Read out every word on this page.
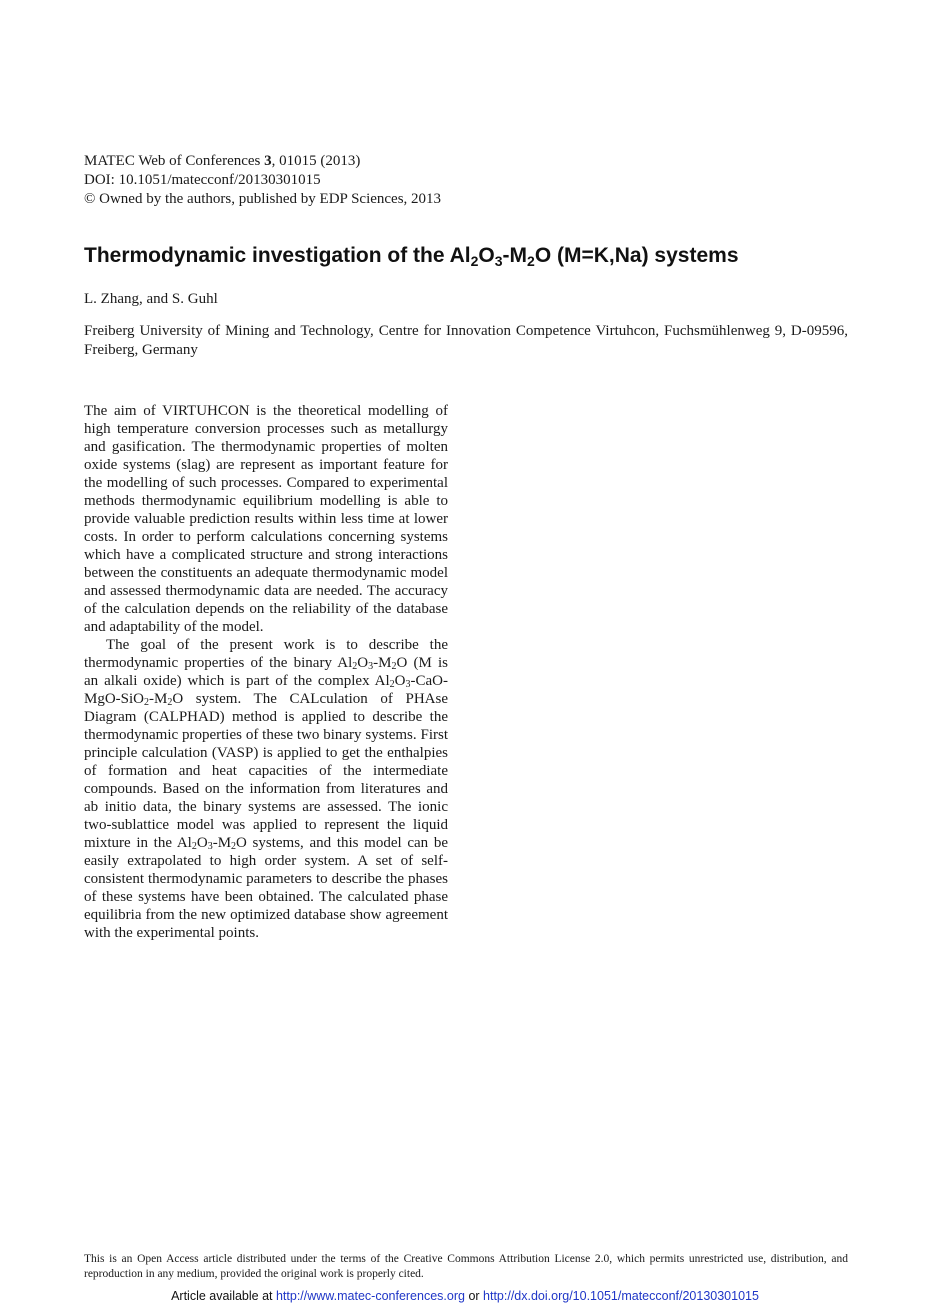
MATEC Web of Conferences 3, 01015 (2013)
DOI: 10.1051/matecconf/20130301015
© Owned by the authors, published by EDP Sciences, 2013
Thermodynamic investigation of the $Al_2O_3-M_2O$ (M=K,Na) systems
L. Zhang, and S. Guhl
Freiberg University of Mining and Technology, Centre for Innovation Competence Virtuhcon, Fuchsmühlenweg 9, D-09596, Freiberg, Germany

The aim of VIRTUHCON is the theoretical modelling of high temperature conversion processes such as metallurgy and gasification. The thermodynamic properties of molten oxide systems (slag) are represent as important feature for the modelling of such processes. Compared to experimental methods thermodynamic equilibrium modelling is able to provide valuable prediction results within less time at lower costs. In order to perform calculations concerning systems which have a complicated structure and strong interactions between the constituents an adequate thermodynamic model and assessed thermodynamic data are needed. The accuracy of the calculation depends on the reliability of the database and adaptability of the model.

The goal of the present work is to describe the thermodynamic properties of the binary $Al_2O_3-M_2O$ (M is an alkali oxide) which is part of the complex $Al_2O_3-CaO-MgO-SiO_2-M_2O$ system. The CALculation of PHAse Diagram (CALPHAD) method is applied to describe the thermodynamic properties of these two binary systems. First principle calculation (VASP) is applied to get the enthalpies of formation and heat capacities of the intermediate compounds. Based on the information from literatures and ab initio data, the binary systems are assessed. The ionic two-sublattice model was applied to represent the liquid mixture in the $Al_2O_3-M_2O$ systems, and this model can be easily extrapolated to high order system. A set of self-consistent thermodynamic parameters to describe the phases of these systems have been obtained. The calculated phase equilibria from the new optimized database show agreement with the experimental points.

This is an Open Access article distributed under the terms of the Creative Commons Attribution License 2.0, which permits unrestricted use, distribution, and reproduction in any medium, provided the original work is properly cited.
Article available at http://www.matec-conferences.org or http://dx.doi.org/10.1051/matecconf/20130301015
